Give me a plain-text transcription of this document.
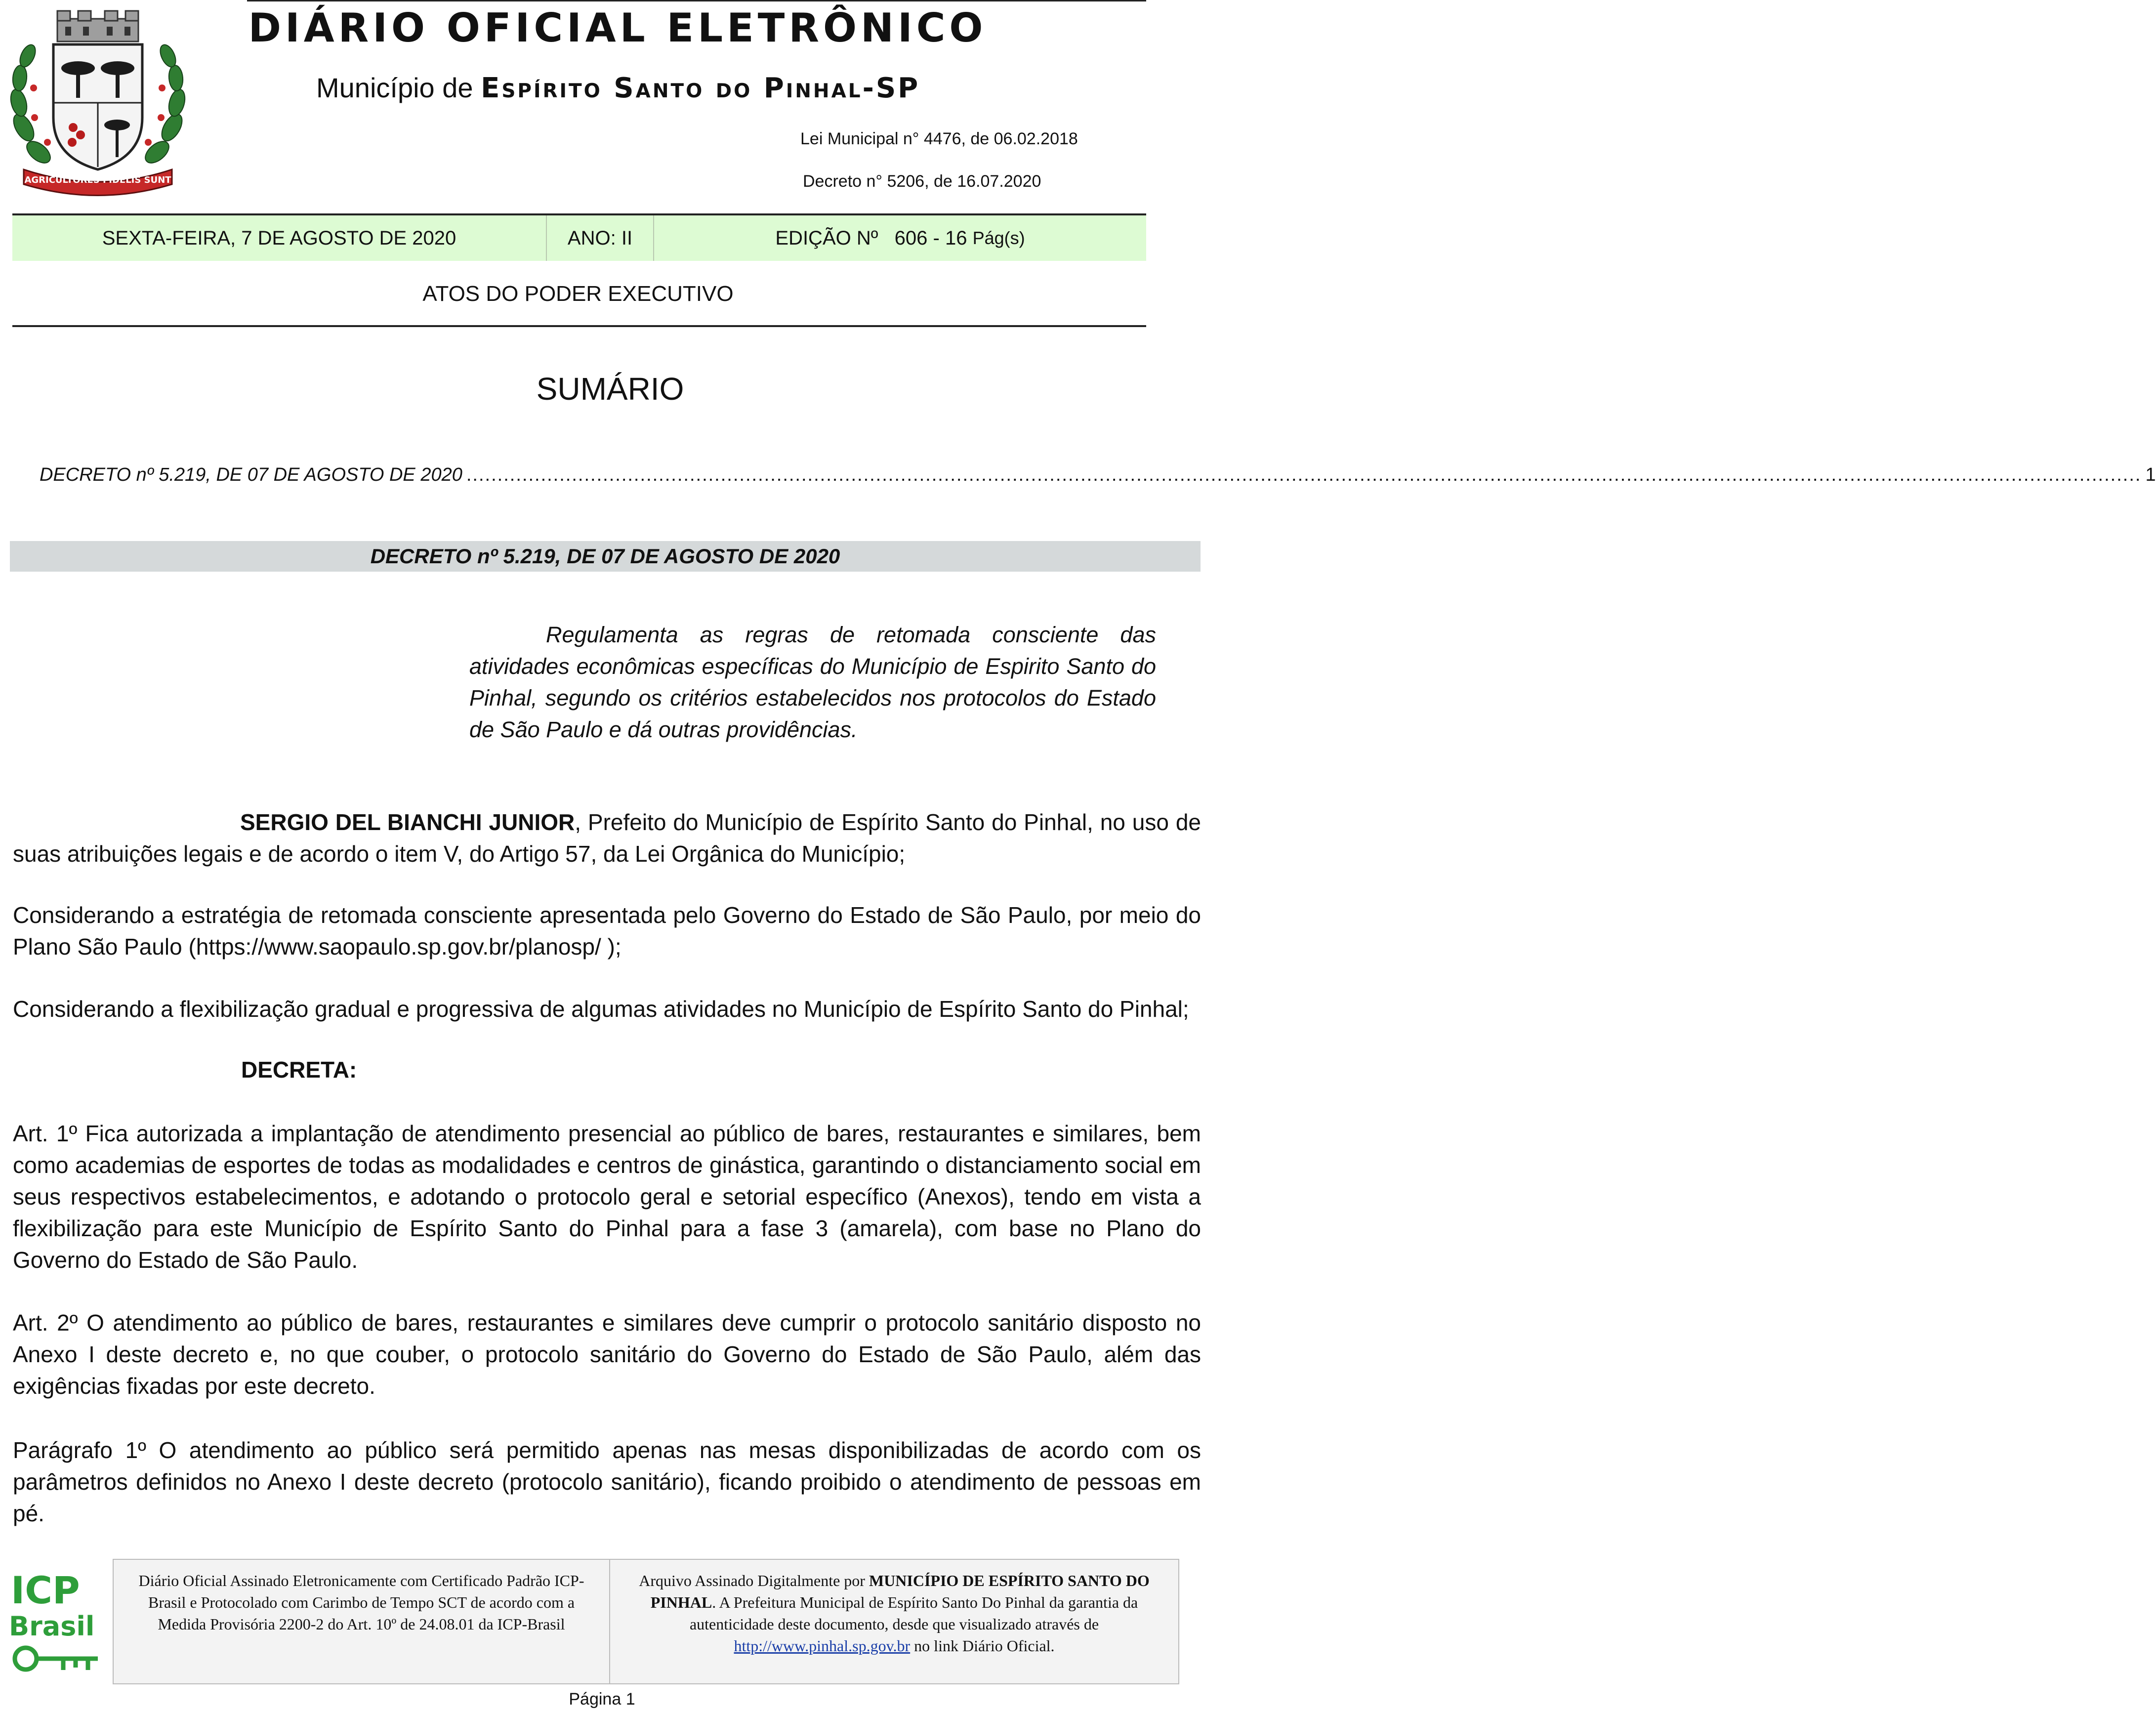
AGRICULTORES FIDELIS SUNT
DIÁRIO OFICIAL ELETRÔNICO
Município de Espírito Santo do Pinhal-SP
Lei Municipal n° 4476, de 06.02.2018
Decreto n° 5206, de 16.07.2020
SEXTA-FEIRA, 7 DE AGOSTO DE 2020	ANO: II	EDIÇÃO Nº   606 - 16 Pág(s)
ATOS DO PODER EXECUTIVO
SUMÁRIO
DECRETO nº 5.219, DE 07 DE AGOSTO DE 2020 .............................................................................................................................................................................................................................................................................. 1
DECRETO nº 5.219, DE 07 DE AGOSTO DE 2020
Regulamenta as regras de retomada consciente das atividades econômicas específicas do Município de Espirito Santo do Pinhal, segundo os critérios estabelecidos nos protocolos do Estado de São Paulo e dá outras providências.
SERGIO DEL BIANCHI JUNIOR, Prefeito do Município de Espírito Santo do Pinhal, no uso de suas atribuições legais e de acordo o item V, do Artigo 57, da Lei Orgânica do Município;
Considerando a estratégia de retomada consciente apresentada pelo Governo do Estado de São Paulo, por meio do Plano São Paulo (https://www.saopaulo.sp.gov.br/planosp/ );
Considerando a flexibilização gradual e progressiva de algumas atividades no Município de Espírito Santo do Pinhal;
DECRETA:
Art. 1º Fica autorizada a implantação de atendimento presencial ao público de bares, restaurantes e similares, bem como academias de esportes de todas as modalidades e centros de ginástica, garantindo o distanciamento social em seus respectivos estabelecimentos, e adotando o protocolo geral e setorial específico (Anexos), tendo em vista a flexibilização para este Município de Espírito Santo do Pinhal para a fase 3 (amarela), com base no Plano do Governo do Estado de São Paulo.
Art. 2º O atendimento ao público de bares, restaurantes e similares deve cumprir o protocolo sanitário disposto no Anexo I deste decreto e, no que couber, o protocolo sanitário do Governo do Estado de São Paulo, além das exigências fixadas por este decreto.
Parágrafo 1º O atendimento ao público será permitido apenas nas mesas disponibilizadas de acordo com os parâmetros definidos no Anexo I deste decreto (protocolo sanitário), ficando proibido o atendimento de pessoas em pé.
ICP
Brasil
Diário Oficial Assinado Eletronicamente com Certificado Padrão ICP-Brasil e Protocolado com Carimbo de Tempo SCT de acordo com a Medida Provisória 2200-2 do Art. 10º de 24.08.01 da ICP-Brasil
Arquivo Assinado Digitalmente por MUNICÍPIO DE ESPÍRITO SANTO DO PINHAL. A Prefeitura Municipal de Espírito Santo Do Pinhal da garantia da autenticidade deste documento, desde que visualizado através de http://www.pinhal.sp.gov.br no link Diário Oficial.
Página 1
